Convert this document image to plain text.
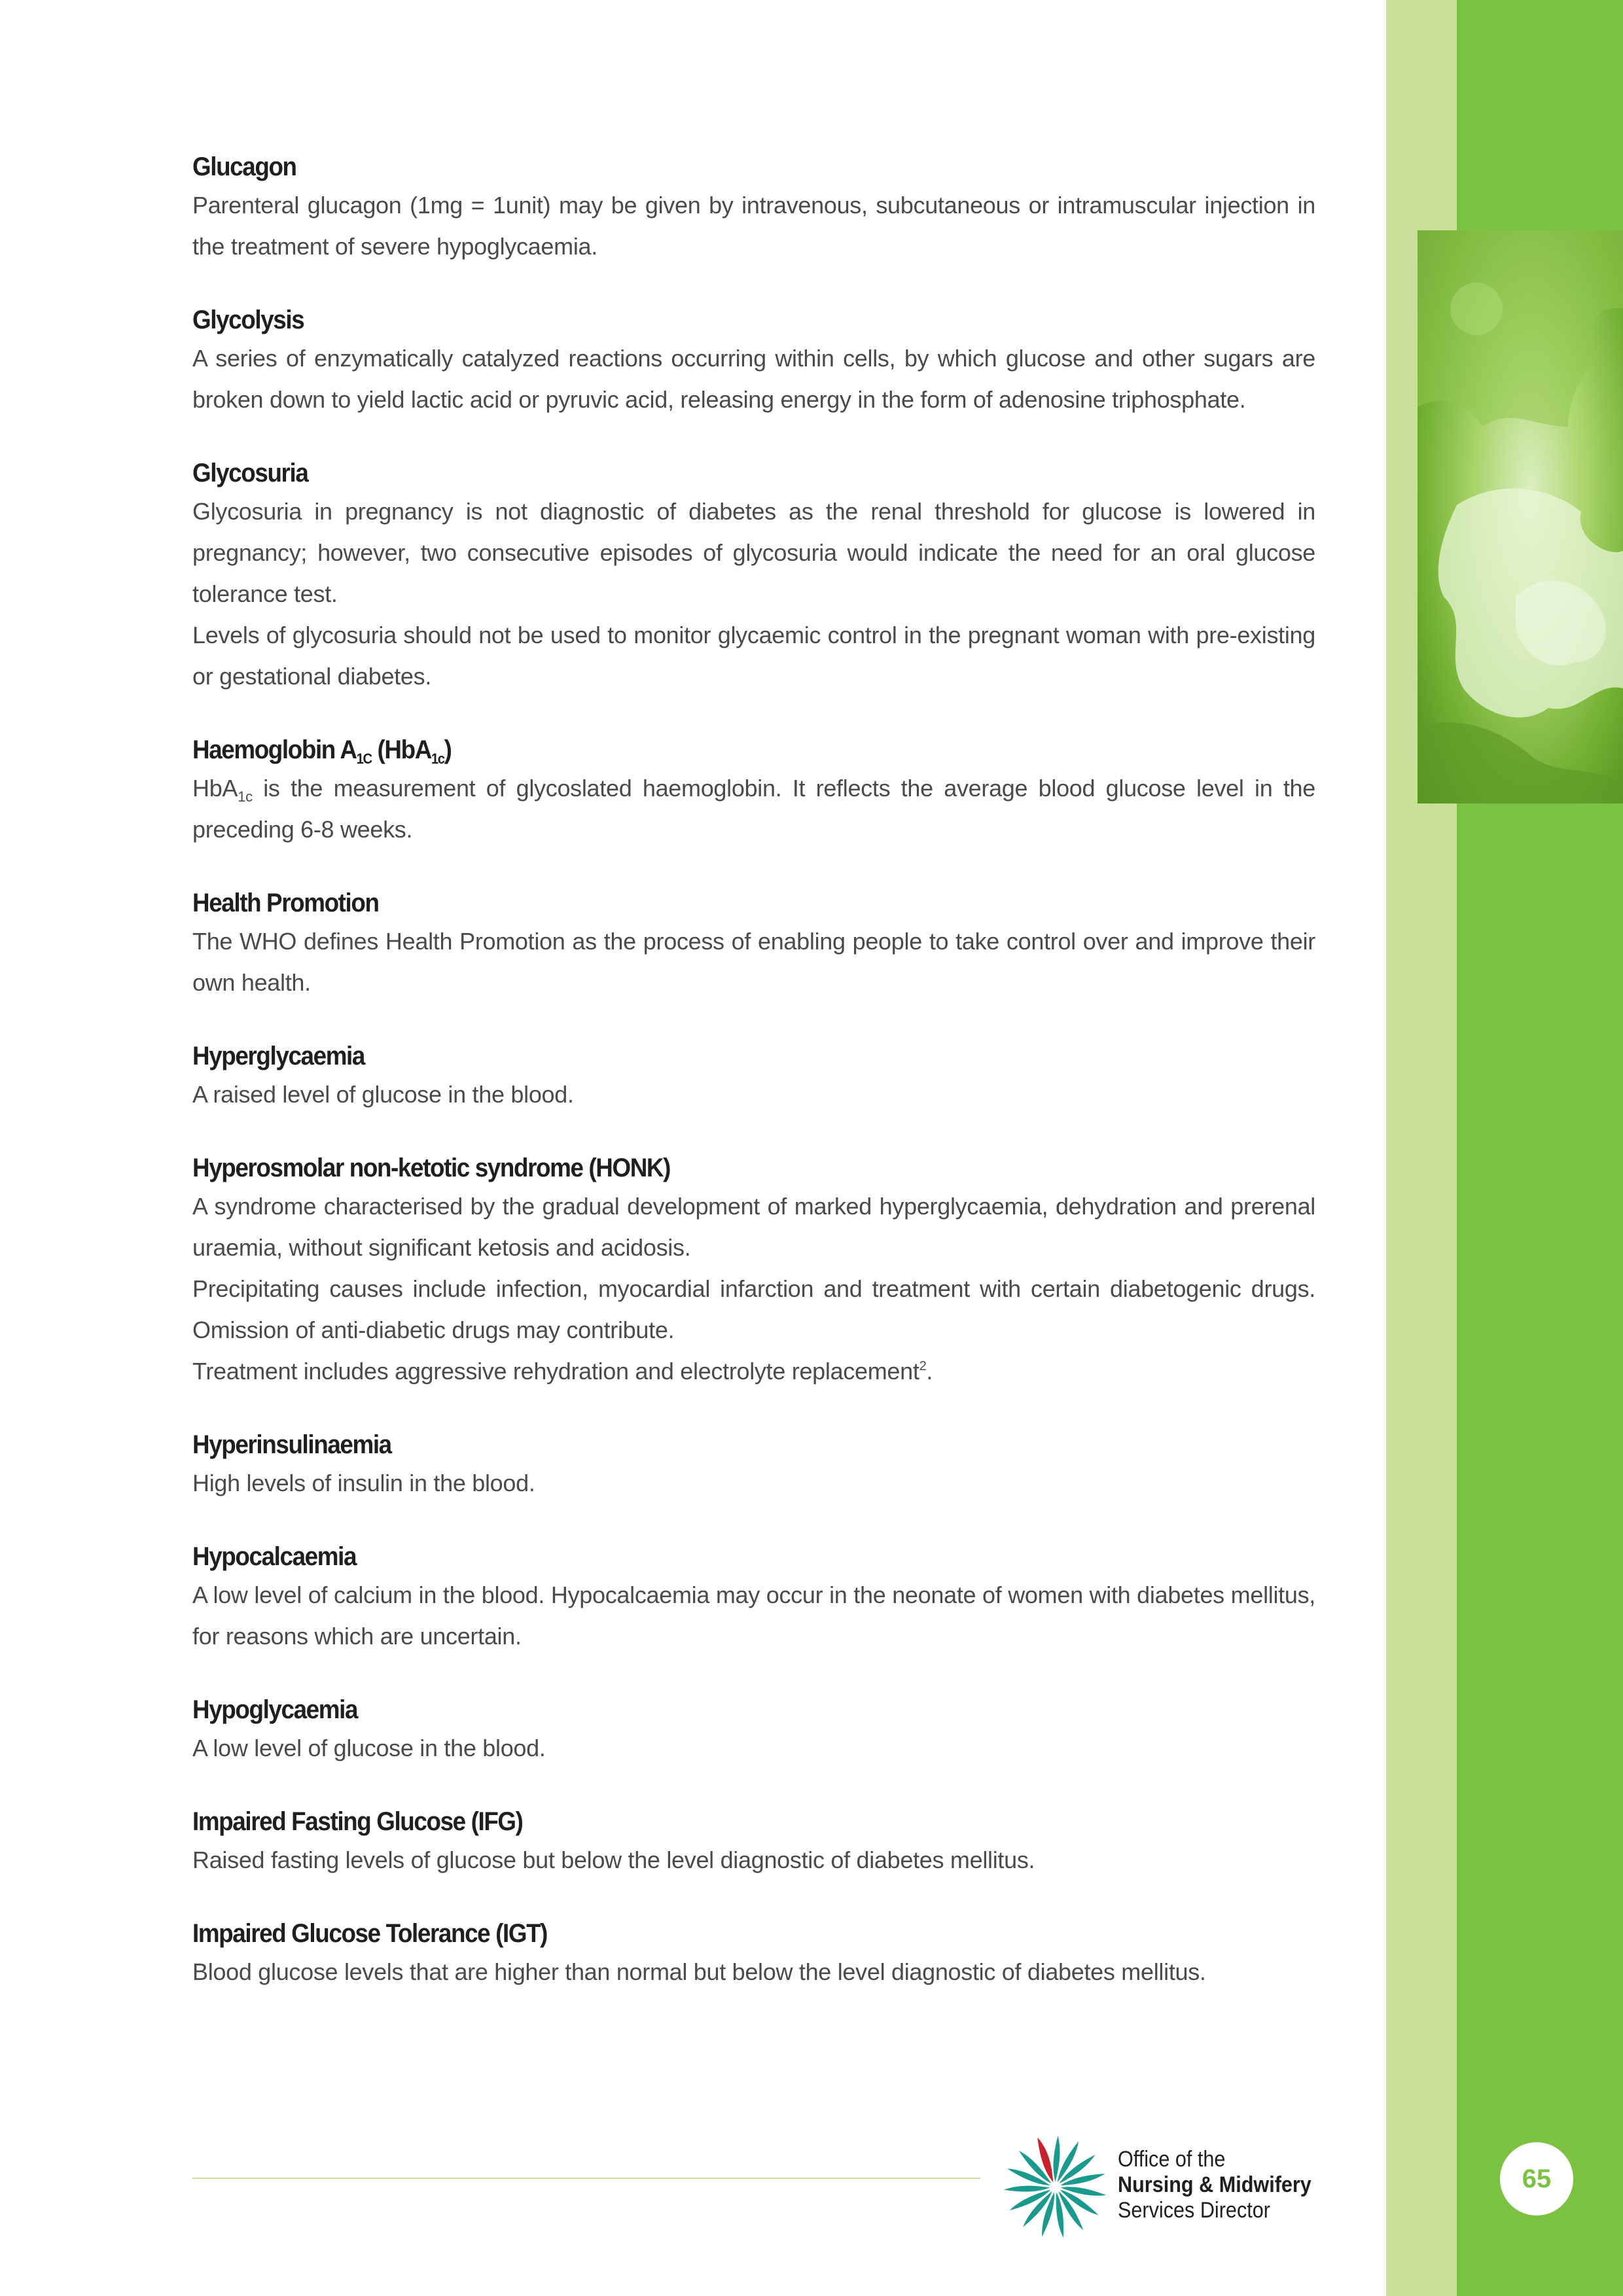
Glucagon

Parenteral glucagon (1mg = 1unit) may be given by intravenous, subcutaneous or intramuscular injection in the treatment of severe hypoglycaemia.

Glycolysis

A series of enzymatically catalyzed reactions occurring within cells, by which glucose and other sugars are broken down to yield lactic acid or pyruvic acid, releasing energy in the form of adenosine triphosphate.

Glycosuria

Glycosuria in pregnancy is not diagnostic of diabetes as the renal threshold for glucose is lowered in pregnancy; however, two consecutive episodes of glycosuria would indicate the need for an oral glucose tolerance test.

Levels of glycosuria should not be used to monitor glycaemic control in the pregnant woman with pre-existing or gestational diabetes.

Haemoglobin $A_{1C}$ (HbA$_{1c}$)

HbA$_{1c}$ is the measurement of glycoslated haemoglobin. It reflects the average blood glucose level in the preceding 6-8 weeks.

Health Promotion

The WHO defines Health Promotion as the process of enabling people to take control over and improve their own health.

Hyperglycaemia

A raised level of glucose in the blood.

Hyperosmolar non-ketotic syndrome (HONK)

A syndrome characterised by the gradual development of marked hyperglycaemia, dehydration and prerenal uraemia, without significant ketosis and acidosis.

Precipitating causes include infection, myocardial infarction and treatment with certain diabetogenic drugs. Omission of anti-diabetic drugs may contribute.

Treatment includes aggressive rehydration and electrolyte replacement$^2$.

Hyperinsulinaemia

High levels of insulin in the blood.

Hypocalcaemia

A low level of calcium in the blood. Hypocalcaemia may occur in the neonate of women with diabetes mellitus, for reasons which are uncertain.

Hypoglycaemia

A low level of glucose in the blood.

Impaired Fasting Glucose (IFG)

Raised fasting levels of glucose but below the level diagnostic of diabetes mellitus.

Impaired Glucose Tolerance (IGT)

Blood glucose levels that are higher than normal but below the level diagnostic of diabetes mellitus.

Office of the
Nursing & Midwifery
Services Director
65
